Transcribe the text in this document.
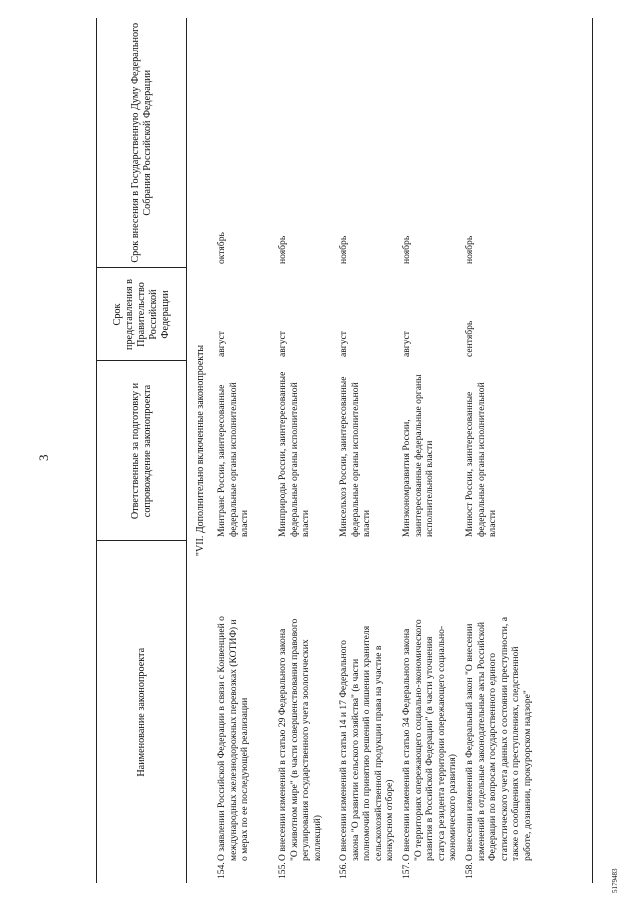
3
Наименование законопроекта	Ответственные за подготовку и сопровождение законопроекта	Срок представления в Правительство Российской Федерации	Срок внесения в Государственную Думу Федерального Собрания Российской Федерации
"VII. Дополнительно включенные законопроекты			
154.О заявлении Российской Федерации в связи с Конвенцией о международных железнодорожных перевозках (КОТИФ) и о мерах по ее последующей реализации	Минтранс России, заинтересованные федеральные органы исполнительной власти	август	октябрь
155.О внесении изменений в статью 29 Федерального закона "О животном мире" (в части совершенствования правового регулирования государственного учета зоологических коллекций)	Минприроды России, заинтересованные федеральные органы исполнительной власти	август	ноябрь
156.О внесении изменений в статьи 14 и 17 Федерального закона "О развитии сельского хозяйства" (в части полномочий по принятию решений о лишении хранителя сельскохозяйственной продукции права на участие в конкурсном отборе)	Минсельхоз России, заинтересованные федеральные органы исполнительной власти	август	ноябрь
157.О внесении изменений в статью 34 Федерального закона "О территориях опережающего социально-экономического развития в Российской Федерации" (в части уточнения статуса резидента территории опережающего социально-экономического развития)	Минэкономразвития России, заинтересованные федеральные органы исполнительной власти	август	ноябрь
158.О внесении изменений в Федеральный закон "О внесении изменений в отдельные законодательные акты Российской Федерации по вопросам государственного единого статистического учета данных о состоянии преступности, а также о сообщениях о преступлениях, следственной работе, дознании, прокурорском надзоре"	Минюст России, заинтересованные федеральные органы исполнительной власти	сентябрь	ноябрь
5179483
